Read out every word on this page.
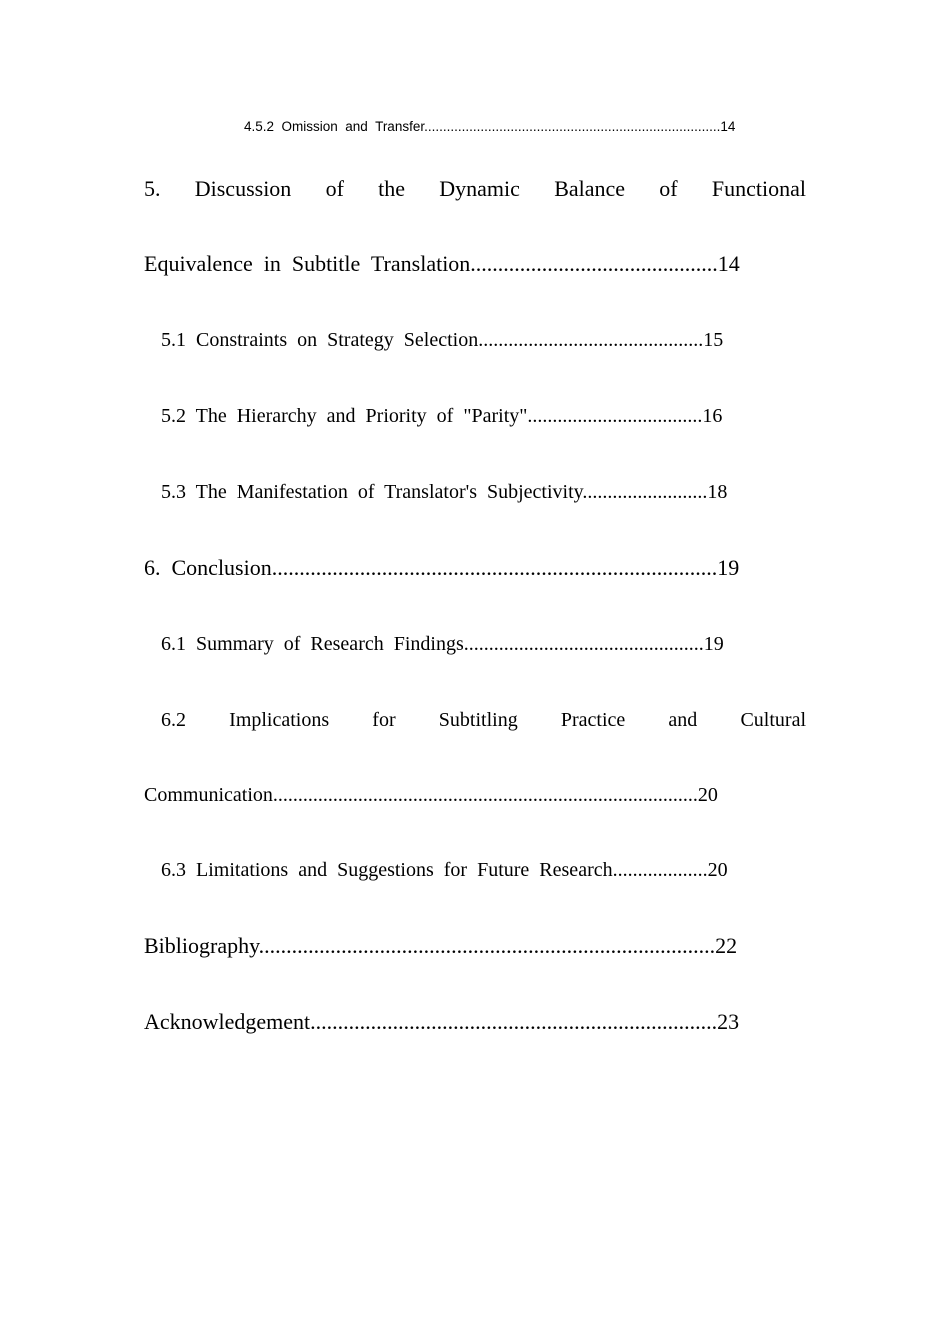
4.5.2  Omission  and  Transfer...............................................................................14
5. Discussion of the Dynamic Balance of Functional
Equivalence  in  Subtitle  Translation.............................................14
5.1  Constraints  on  Strategy  Selection.............................................15
5.2  The  Hierarchy  and  Priority  of  "Parity"...................................16
5.3  The  Manifestation  of  Translator's  Subjectivity.........................18
6.  Conclusion.................................................................................19
6.1  Summary  of  Research  Findings................................................19
6.2 Implications for Subtitling Practice and Cultural
Communication.....................................................................................20
6.3  Limitations  and  Suggestions  for  Future  Research...................20
Bibliography...................................................................................22
Acknowledgement..........................................................................23
